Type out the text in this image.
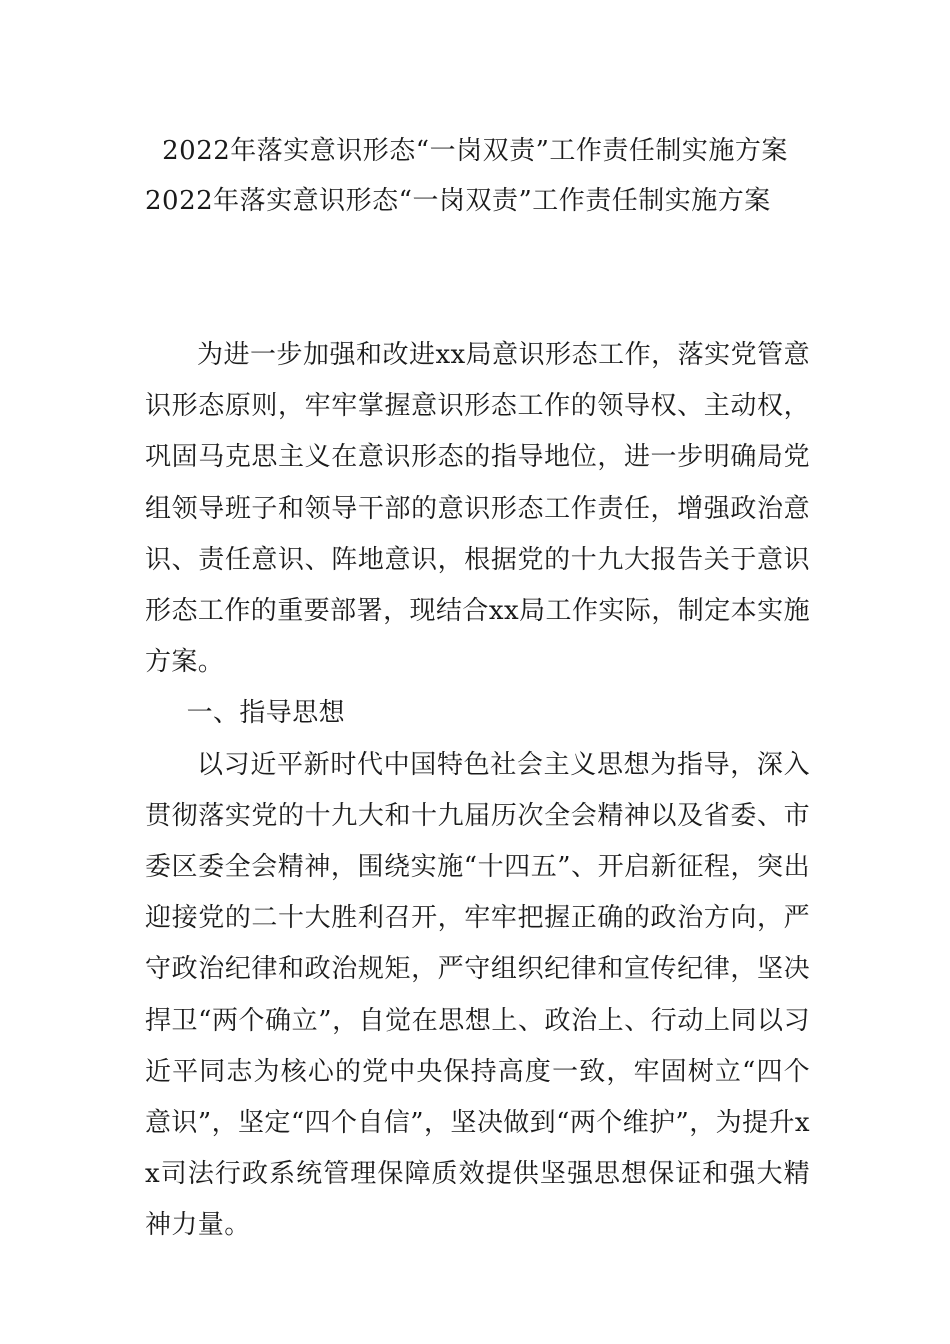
2022年落实意识形态“一岗双责”工作责任制实施方案
2022年落实意识形态“一岗双责”工作责任制实施方案

为进一步加强和改进xx局意识形态工作，落实党管意识形态原则，牢牢掌握意识形态工作的领导权、主动权，巩固马克思主义在意识形态的指导地位，进一步明确局党组领导班子和领导干部的意识形态工作责任，增强政治意识、责任意识、阵地意识，根据党的十九大报告关于意识形态工作的重要部署，现结合xx局工作实际，制定本实施方案。

一、指导思想

以习近平新时代中国特色社会主义思想为指导，深入贯彻落实党的十九大和十九届历次全会精神以及省委、市委区委全会精神，围绕实施“十四五”、开启新征程，突出迎接党的二十大胜利召开，牢牢把握正确的政治方向，严守政治纪律和政治规矩，严守组织纪律和宣传纪律，坚决捍卫“两个确立”，自觉在思想上、政治上、行动上同以习近平同志为核心的党中央保持高度一致，牢固树立“四个意识”，坚定“四个自信”，坚决做到“两个维护”，为提升xx司法行政系统管理保障质效提供坚强思想保证和强大精神力量。
